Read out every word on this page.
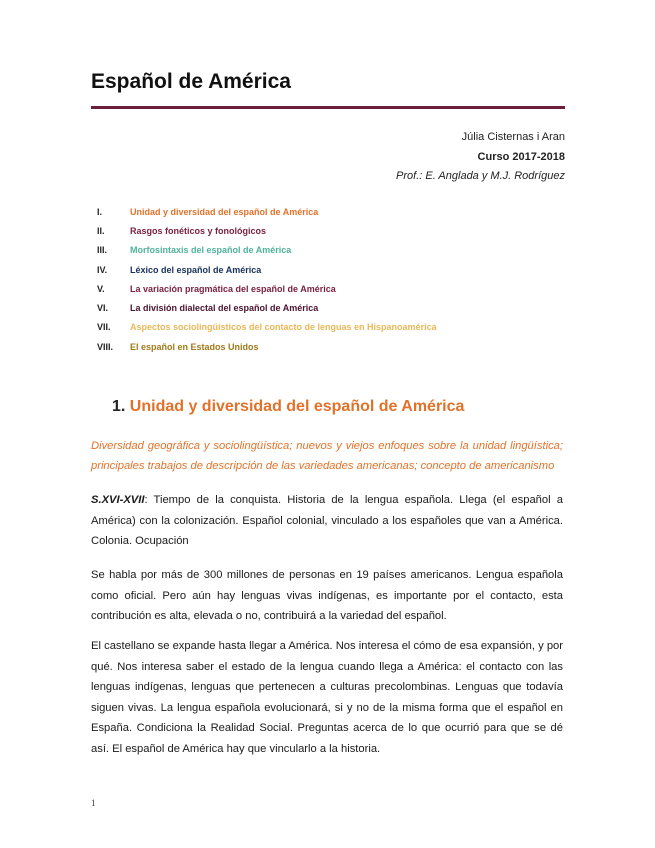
Español de América
Júlia Cisternas i Aran
Curso 2017-2018
Prof.: E. Anglada y M.J. Rodríguez
I.	Unidad y diversidad del español de América
II.	Rasgos fonéticos y fonológicos
III.	Morfosintaxis del español de América
IV.	Léxico del español de América
V.	La variación pragmática del español de América
VI.	La división dialectal del español de América
VII.	Aspectos sociolingüísticos del contacto de lenguas en Hispanoamérica
VIII.	El español en Estados Unidos
1. Unidad y diversidad del español de América

Diversidad geográfica y sociolingüística; nuevos y viejos enfoques sobre la unidad lingüística; principales trabajos de descripción de las variedades americanas; concepto de americanismo

S.XVI-XVII: Tiempo de la conquista. Historia de la lengua española. Llega (el español a América) con la colonización. Español colonial, vinculado a los españoles que van a América. Colonia. Ocupación

Se habla por más de 300 millones de personas en 19 países americanos. Lengua española como oficial. Pero aún hay lenguas vivas indígenas, es importante por el contacto, esta contribución es alta, elevada o no, contribuirá a la variedad del español.

El castellano se expande hasta llegar a América. Nos interesa el cómo de esa expansión, y por qué. Nos interesa saber el estado de la lengua cuando llega a América: el contacto con las lenguas indígenas, lenguas que pertenecen a culturas precolombinas. Lenguas que todavía siguen vivas. La lengua española evolucionará, si y no de la misma forma que el español en España. Condiciona la Realidad Social. Preguntas acerca de lo que ocurrió para que se dé así. El español de América hay que vincularlo a la historia.

1
